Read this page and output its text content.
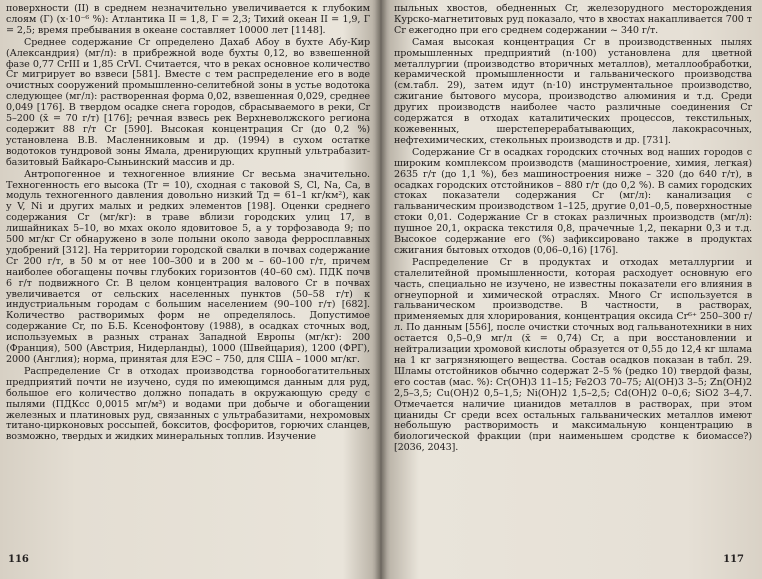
поверхности (II) в среднем незначительно увеличивается к глубоким слоям (Г) (x·10⁻⁶ %): Атлантика II = 1,8, Г = 2,3; Тихий океан II = 1,9, Г = 2,5; время пребывания в океане составляет 10000 лет [1148].

Среднее содержание Cr определено Дахаб Абоу в бухте Абу-Кир (Александрия) (мг/л): в прибрежной воде бухты 0,12, во взвешенной фазе 0,77 CrIII и 1,85 CrVI. Считается, что в реках основное количество Cr мигрирует во взвеси [581]. Вместе с тем распределение его в воде очистных сооружений промышленно-селитебной зоны в устье водотока следующее (мг/л): растворенная форма 0,02, взвешенная 0,029, среднее 0,049 [176]. В твердом осадке снега городов, сбрасываемого в реки, Cr 5–200 (x̄ = 70 г/т) [176]; речная взвесь рек Верхневолжского региона содержит 88 г/т Cr [590]. Высокая концентрация Cr (до 0,2 %) установлена В.В. Масленниковым и др. (1994) в сухом остатке водотоков тундровой зоны Ямала, дренирующих крупный ультрабазит-базитовый Байкаро-Сыньинский массив и др.

Антропогенное и техногенное влияние Cr весьма значительно. Техногенность его высока (Тг = 10), сходная с таковой S, Cl, Na, Ca, в модуль техногенного давления довольно низкий Tд = 61–1 кг/км²), как у V, Ni и других малых и редких элементов [198]. Оценки среднего содержания Cr (мг/кг): в траве вблизи городских улиц 17, в лишайниках 5–10, во мхах около ядовитовое 5, а у торфозавода 9; по 500 мг/кг Cr обнаружено в золе полыни около завода ферросплавных удобрений [312]. На территории городской свалки в почвах содержание Cr 200 г/т, в 50 м от нее 100–300 и в 200 м – 60–100 г/т, причем наиболее обогащены почвы глубоких горизонтов (40–60 см). ПДК почв 6 г/т подвижного Cr. В целом концентрация валового Cr в почвах увеличивается от сельских населенных пунктов (50–58 г/т) к индустриальным городам с большим населением (90–100 г/т) [682]. Количество растворимых форм не определялось. Допустимое содержание Cr, по Б.Б. Ксенофонтову (1988), в осадках сточных вод, используемых в разных странах Западной Европы (мг/кг): 200 (Франция), 500 (Австрия, Нидерланды), 1000 (Швейцария), 1200 (ФРГ), 2000 (Англия); норма, принятая для ЕЭС – 750, для США – 1000 мг/кг.

Распределение Cr в отходах производства горнообогатительных предприятий почти не изучено, судя по имеющимся данным для руд, большое его количество должно попадать в окружающую среду с пылями (ПДКсс 0,0015 мг/м³) и водами при добыче и обогащении железных и платиновых руд, связанных с ультрабазитами, нехромовых титано-цирконовых россыпей, бокситов, фосфоритов, горючих сланцев, возможно, твердых и жидких минеральных топлив. Изучение

116

пыльных хвостов, обедненных Cr, железорудного месторождения Курско-магнетитовых руд показало, что в хвостах накапливается 700 т Cr ежегодно при его среднем содержании ~ 340 г/т.

Самая высокая концентрация Cr в производственных пылях промышленных предприятий (n·100) установлена для цветной металлургии (производство вторичных металлов), металлообработки, керамической промышленности и гальванического производства (см.табл. 29), затем идут (n·10) инструментальное производство, сжигание бытового мусора, производство алюминия и т.д. Среди других производств наиболее часто различные соединения Cr содержатся в отходах каталитических процессов, текстильных, кожевенных, шерстеперерабатывающих, лакокрасочных, нефтехимических, стекольных производств и др. [731].

Содержание Cr в осадках городских сточных вод наших городов с широким комплексом производств (машиностроение, химия, легкая) 2635 г/т (до 1,1 %), без машиностроения ниже – 320 (до 640 г/т), в осадках городских отстойников – 880 г/т (до 0,2 %). В самих городских стоках показатели содержания Cr (мг/л): канализация с гальваническим производством 1–125, другие 0,01–0,5, поверхностные стоки 0,01. Содержание Cr в стоках различных производств (мг/л): пушное 20,1, окраска текстиля 0,8, прачечные 1,2, пекарни 0,3 и т.д. Высокое содержание его (%) зафиксировано также в продуктах сжигания бытовых отходов (0,06–0,16) [176].

Распределение Cr в продуктах и отходах металлургии и сталелитейной промышленности, которая расходует основную его часть, специально не изучено, не известны показатели его влияния в огнеупорной и химической отраслях. Много Cr используется в гальваническом производстве. В частности, в растворах, применяемых для хлорирования, концентрация оксида Cr⁶⁺ 250–300 г/л. По данным [556], после очистки сточных вод гальванотехники в них остается 0,5–0,9 мг/л (x̄ = 0,74) Cr, а при восстановлении и нейтрализации хромовой кислоты образуется от 0,55 до 12,4 кг шлама на 1 кг загрязняющего вещества. Состав осадков показан в табл. 29. Шламы отстойников обычно содержат 2–5 % (редко 10) твердой фазы, его состав (мас. %): Cr(OH)3 11–15; Fe2O3 70–75; Al(OH)3 3–5; Zn(OH)2 2,5–3,5; Cu(OH)2 0,5–1,5; Ni(OH)2 1,5–2,5; Cd(OH)2 0–0,6; SiO2 3–4,7. Отмечается наличие цианидов металлов в растворах, при этом цианиды Cr среди всех остальных гальванических металлов имеют небольшую растворимость и максимальную концентрацию в биологической фракции (при наименьшем сродстве к биомассе?) [2036, 2043].

117
